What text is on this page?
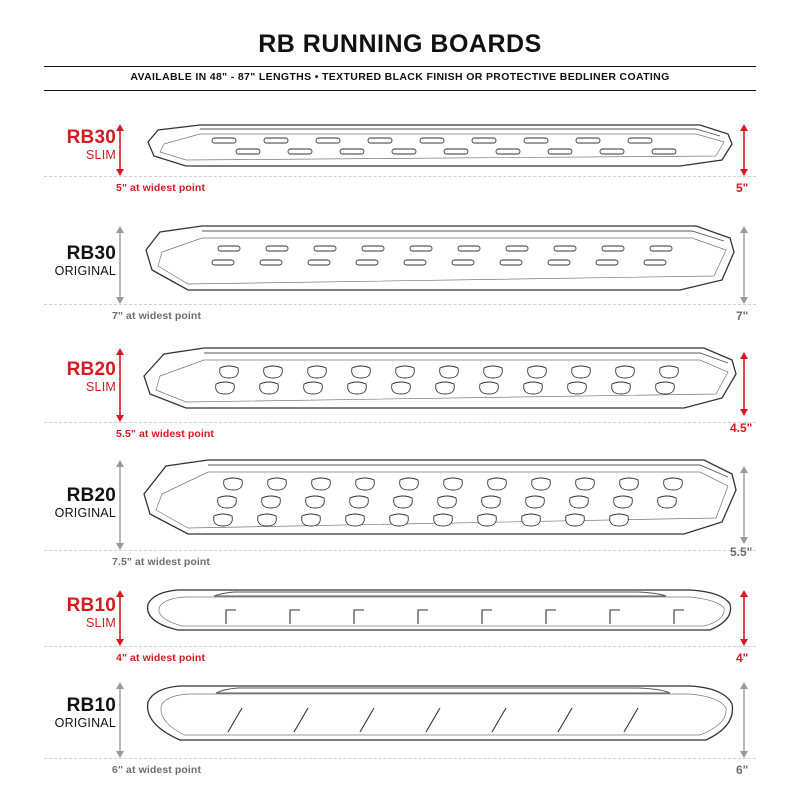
RB RUNNING BOARDS
AVAILABLE IN 48" - 87" LENGTHS • TEXTURED BLACK FINISH OR PROTECTIVE BEDLINER COATING
RB30
SLIM
5" at widest point	5"
RB30
ORIGINAL
7" at widest point	7"
RB20
SLIM
5.5" at widest point	4.5"
RB20
ORIGINAL
7.5" at widest point
5.5"
RB10
SLIM
4" at widest point	4"
RB10
ORIGINAL
6" at widest point	6"
